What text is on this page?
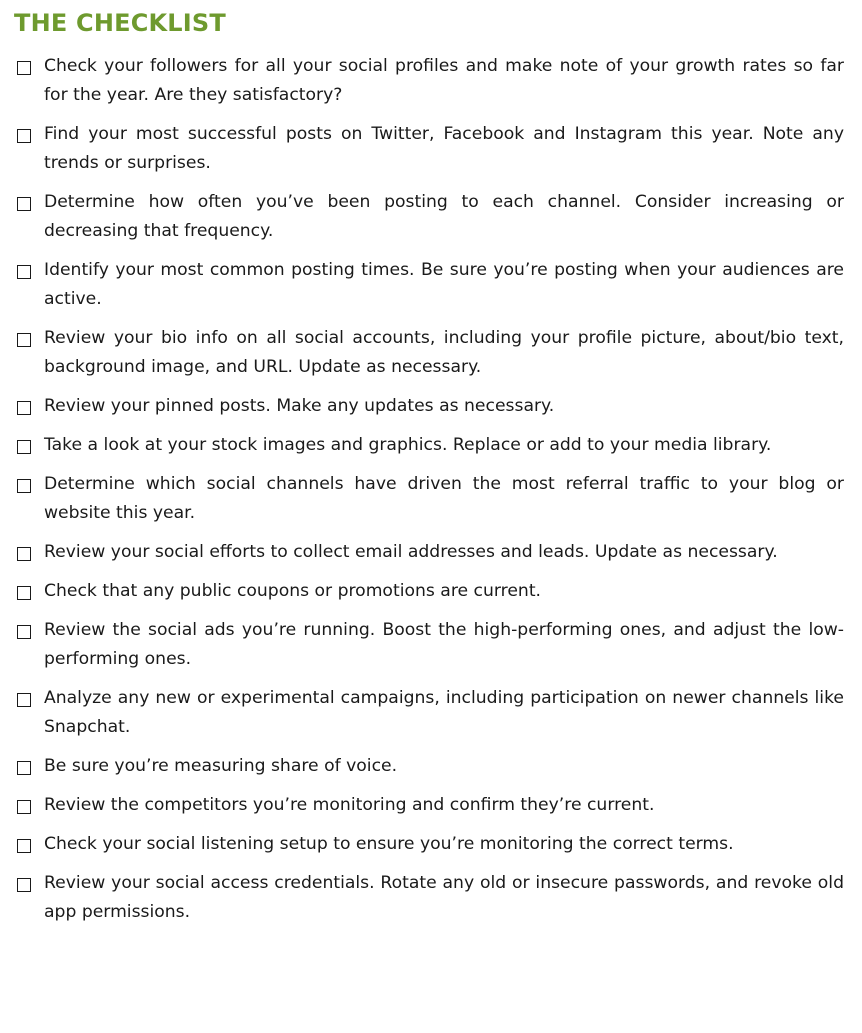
THE CHECKLIST
Check your followers for all your social profiles and make note of your growth rates so far for the year. Are they satisfactory?
Find your most successful posts on Twitter, Facebook and Instagram this year. Note any trends or surprises.
Determine how often you’ve been posting to each channel. Consider increasing or decreasing that frequency.
Identify your most common posting times. Be sure you’re posting when your audiences are active.
Review your bio info on all social accounts, including your profile picture, about/bio text, background image, and URL. Update as necessary.
Review your pinned posts. Make any updates as necessary.
Take a look at your stock images and graphics. Replace or add to your media library.
Determine which social channels have driven the most referral traffic to your blog or website this year.
Review your social efforts to collect email addresses and leads. Update as necessary.
Check that any public coupons or promotions are current.
Review the social ads you’re running. Boost the high-performing ones, and adjust the low-performing ones.
Analyze any new or experimental campaigns, including participation on newer channels like Snapchat.
Be sure you’re measuring share of voice.
Review the competitors you’re monitoring and confirm they’re current.
Check your social listening setup to ensure you’re monitoring the correct terms.
Review your social access credentials. Rotate any old or insecure passwords, and revoke old app permissions.
